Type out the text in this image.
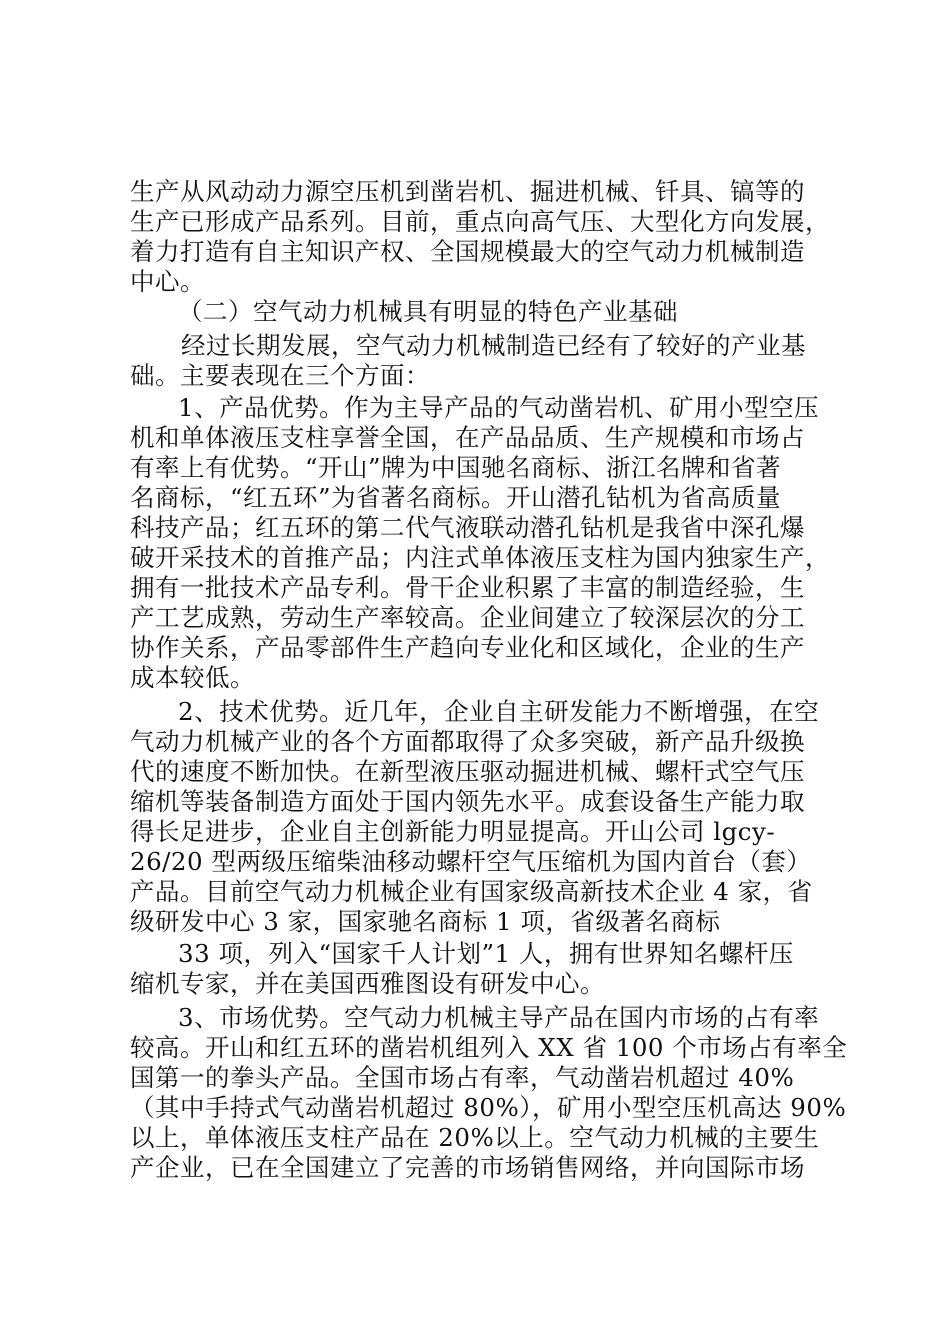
生产从风动动力源空压机到凿岩机、掘进机械、钎具、镐等的
生产已形成产品系列。目前，重点向高气压、大型化方向发展，
着力打造有自主知识产权、全国规模最大的空气动力机械制造
中心。
（二）空气动力机械具有明显的特色产业基础
经过长期发展，空气动力机械制造已经有了较好的产业基
础。主要表现在三个方面：
1、产品优势。作为主导产品的气动凿岩机、矿用小型空压
机和单体液压支柱享誉全国，在产品品质、生产规模和市场占
有率上有优势。“开山”牌为中国驰名商标、浙江名牌和省著
名商标，“红五环”为省著名商标。开山潜孔钻机为省高质量
科技产品；红五环的第二代气液联动潜孔钻机是我省中深孔爆
破开采技术的首推产品；内注式单体液压支柱为国内独家生产，
拥有一批技术产品专利。骨干企业积累了丰富的制造经验，生
产工艺成熟，劳动生产率较高。企业间建立了较深层次的分工
协作关系，产品零部件生产趋向专业化和区域化，企业的生产
成本较低。
2、技术优势。近几年，企业自主研发能力不断增强，在空
气动力机械产业的各个方面都取得了众多突破，新产品升级换
代的速度不断加快。在新型液压驱动掘进机械、螺杆式空气压
缩机等装备制造方面处于国内领先水平。成套设备生产能力取
得长足进步，企业自主创新能力明显提高。开山公司 lgcy-
26/20 型两级压缩柴油移动螺杆空气压缩机为国内首台（套）
产品。目前空气动力机械企业有国家级高新技术企业 4 家，省
级研发中心 3 家，国家驰名商标 1 项，省级著名商标
33 项，列入“国家千人计划”1 人，拥有世界知名螺杆压
缩机专家，并在美国西雅图设有研发中心。
3、市场优势。空气动力机械主导产品在国内市场的占有率
较高。开山和红五环的凿岩机组列入 XX 省 100 个市场占有率全
国第一的拳头产品。全国市场占有率，气动凿岩机超过 40%
（其中手持式气动凿岩机超过 80%），矿用小型空压机高达 90%
以上，单体液压支柱产品在 20%以上。空气动力机械的主要生
产企业，已在全国建立了完善的市场销售网络，并向国际市场
